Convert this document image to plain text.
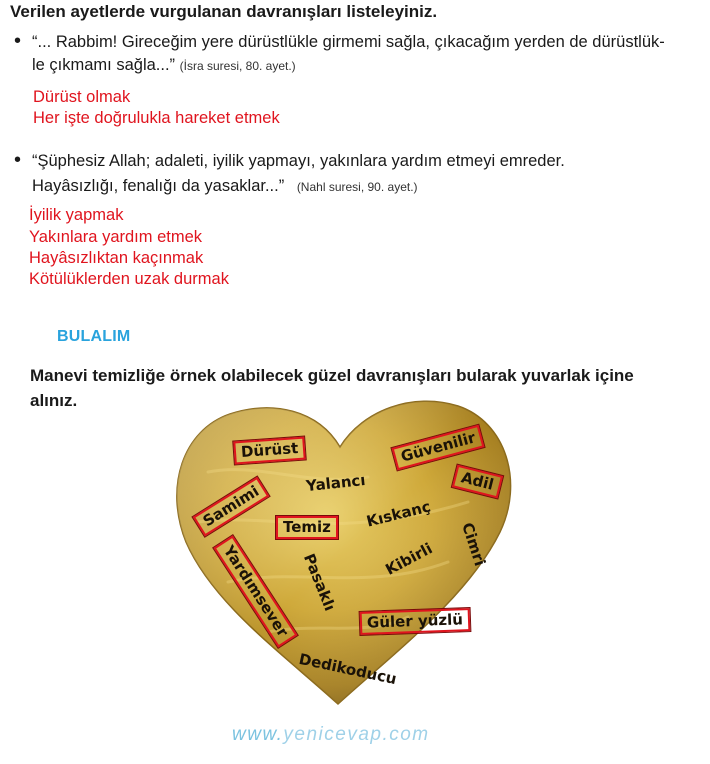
Verilen ayetlerde vurgulanan davranışları listeleyiniz.
• “... Rabbim! Gireceğim yere dürüstlükle girmemi sağla, çıkacağım yerden de dürüstlük-
le çıkmamı sağla...” (İsra suresi, 80. ayet.)
Dürüst olmak
Her işte doğrulukla hareket etmek
• “Şüphesiz Allah; adaleti, iyilik yapmayı, yakınlara yardım etmeyi emreder.
Hayâsızlığı, fenalığı da yasaklar...” (Nahl suresi, 90. ayet.)
İyilik yapmak
Yakınlara yardım etmek
Hayâsızlıktan kaçınmak
Kötülüklerden uzak durmak
BULALIM
Manevi temizliğe örnek olabilecek güzel davranışları bularak yuvarlak içine
alınız.
Dürüst	Güvenilir
Yalancı	Adil
Samimi	Temiz	Kıskanç
Cimri
Kibirli
Yardımsever Pasaklı
Güler yüzlü
Dedikoducu
www.yenicevap.com
